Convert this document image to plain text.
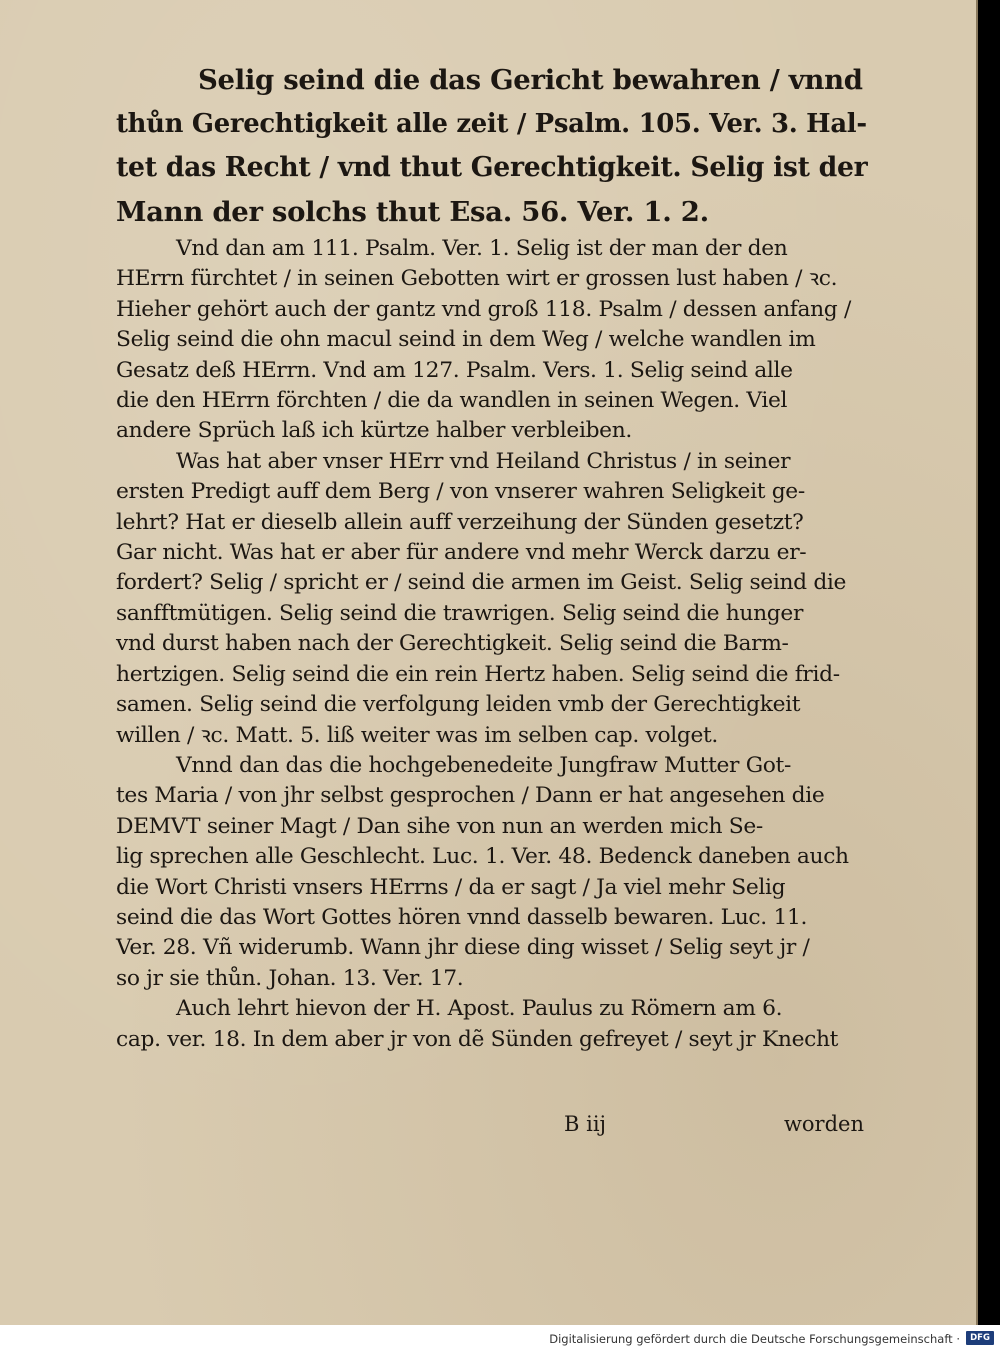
Selig seind die das Gericht bewahren / vnnd
thůn Gerechtigkeit alle zeit / Psalm. 105. Ver. 3. Hal-
tet das Recht / vnd thut Gerechtigkeit. Selig ist der
Mann der solchs thut Esa. 56. Ver. 1. 2.
Vnd dan am 111. Psalm. Ver. 1. Selig ist der man der den
HErrn fürchtet / in seinen Gebotten wirt er grossen lust haben / ꝛc.
Hieher gehört auch der gantz vnd groß 118. Psalm / dessen anfang /
Selig seind die ohn macul seind in dem Weg / welche wandlen im
Gesatz deß HErrn. Vnd am 127. Psalm. Vers. 1. Selig seind alle
die den HErrn förchten / die da wandlen in seinen Wegen. Viel
andere Sprüch laß ich kürtze halber verbleiben.
Was hat aber vnser HErr vnd Heiland Christus / in seiner
ersten Predigt auff dem Berg / von vnserer wahren Seligkeit ge-
lehrt? Hat er dieselb allein auff verzeihung der Sünden gesetzt?
Gar nicht. Was hat er aber für andere vnd mehr Werck darzu er-
fordert? Selig / spricht er / seind die armen im Geist. Selig seind die
sanfftmütigen. Selig seind die trawrigen. Selig seind die hunger
vnd durst haben nach der Gerechtigkeit. Selig seind die Barm-
hertzigen. Selig seind die ein rein Hertz haben. Selig seind die frid-
samen. Selig seind die verfolgung leiden vmb der Gerechtigkeit
willen / ꝛc. Matt. 5. liß weiter was im selben cap. volget.
Vnnd dan das die hochgebenedeite Jungfraw Mutter Got-
tes Maria / von jhr selbst gesprochen / Dann er hat angesehen die
DEMVT seiner Magt / Dan sihe von nun an werden mich Se-
lig sprechen alle Geschlecht. Luc. 1. Ver. 48. Bedenck daneben auch
die Wort Christi vnsers HErrns / da er sagt / Ja viel mehr Selig
seind die das Wort Gottes hören vnnd dasselb bewaren. Luc. 11.
Ver. 28. Vñ widerumb. Wann jhr diese ding wisset / Selig seyt jr /
so jr sie thůn. Johan. 13. Ver. 17.
Auch lehrt hievon der H. Apost. Paulus zu Römern am 6.
cap. ver. 18. In dem aber jr von dẽ Sünden gefreyet / seyt jr Knecht
B iij	worden
Digitalisierung gefördert durch die Deutsche Forschungsgemeinschaft ·	DFG
